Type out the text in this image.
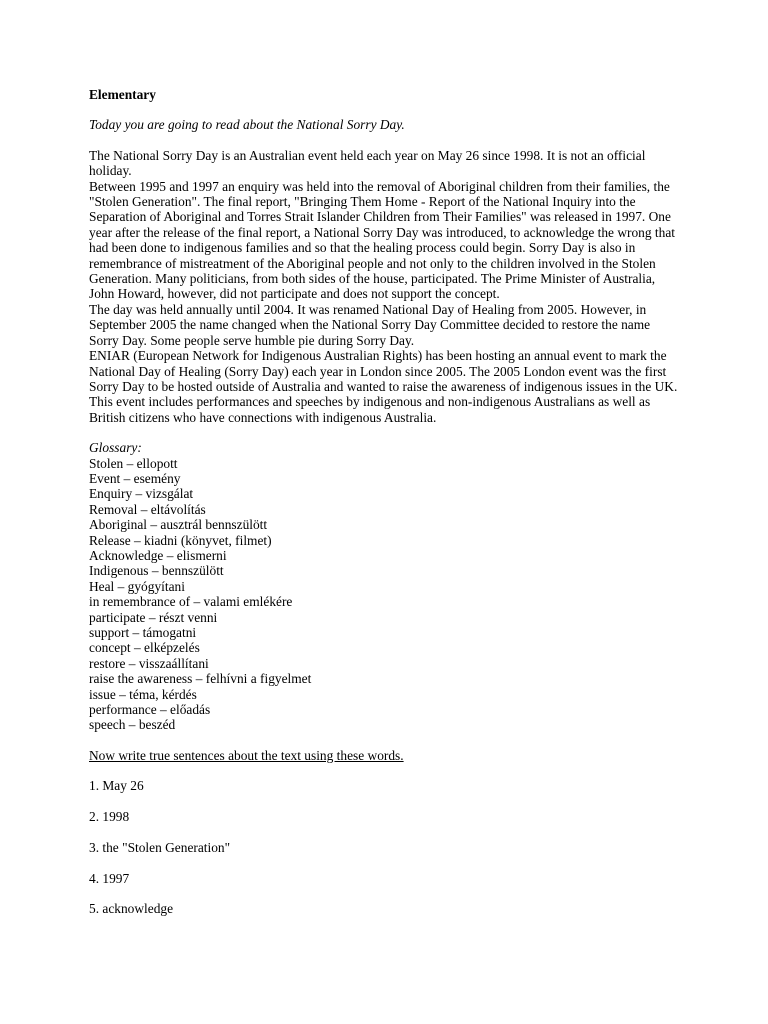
Elementary

Today you are going to read about the National Sorry Day.

The National Sorry Day is an Australian event held each year on May 26 since 1998. It is not an official holiday.

Between 1995 and 1997 an enquiry was held into the removal of Aboriginal children from their families, the "Stolen Generation". The final report, "Bringing Them Home - Report of the National Inquiry into the Separation of Aboriginal and Torres Strait Islander Children from Their Families" was released in 1997. One year after the release of the final report, a National Sorry Day was introduced, to acknowledge the wrong that had been done to indigenous families and so that the healing process could begin. Sorry Day is also in remembrance of mistreatment of the Aboriginal people and not only to the children involved in the Stolen Generation. Many politicians, from both sides of the house, participated. The Prime Minister of Australia, John Howard, however, did not participate and does not support the concept.

The day was held annually until 2004. It was renamed National Day of Healing from 2005. However, in September 2005 the name changed when the National Sorry Day Committee decided to restore the name Sorry Day. Some people serve humble pie during Sorry Day.

ENIAR (European Network for Indigenous Australian Rights) has been hosting an annual event to mark the National Day of Healing (Sorry Day) each year in London since 2005. The 2005 London event was the first Sorry Day to be hosted outside of Australia and wanted to raise the awareness of indigenous issues in the UK. This event includes performances and speeches by indigenous and non-indigenous Australians as well as British citizens who have connections with indigenous Australia.

Glossary:

Stolen – ellopott
Event – esemény
Enquiry – vizsgálat
Removal – eltávolítás
Aboriginal – ausztrál bennszülött
Release – kiadni (könyvet, filmet)
Acknowledge – elismerni
Indigenous – bennszülött
Heal – gyógyítani
in remembrance of – valami emlékére
participate – részt venni
support – támogatni
concept – elképzelés
restore – visszaállítani
raise the awareness – felhívni a figyelmet
issue – téma, kérdés
performance – előadás
speech – beszéd

Now write true sentences about the text using these words.

1. May 26
2. 1998
3. the "Stolen Generation"
4. 1997
5. acknowledge
